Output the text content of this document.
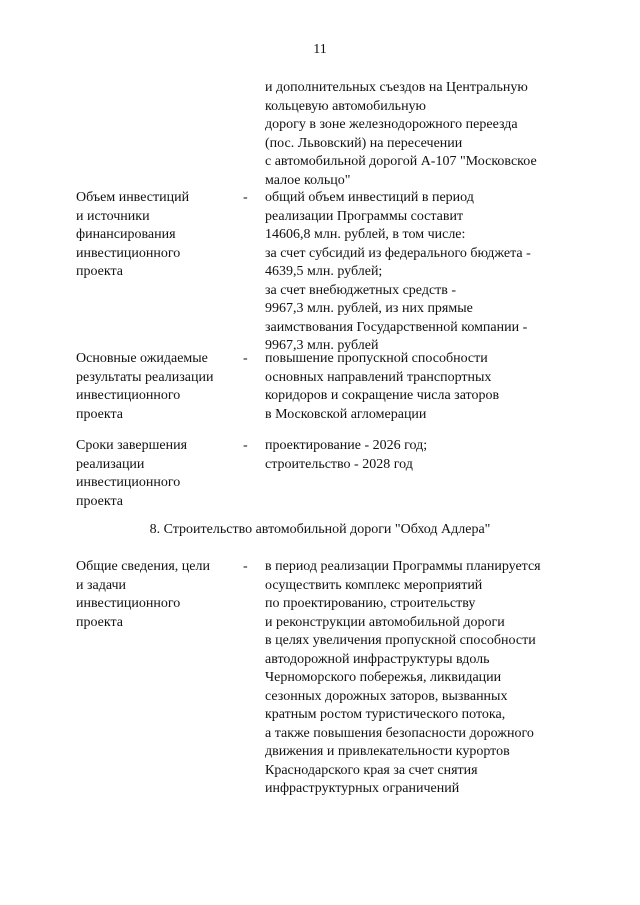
11
и дополнительных съездов на Центральную
кольцевую автомобильную
дорогу в зоне железнодорожного переезда
(пос. Львовский) на пересечении
с автомобильной дорогой А-107 "Московское
малое кольцо"
Объем инвестиций
и источники
финансирования
инвестиционного
проекта
-	общий объем инвестиций в период
реализации Программы составит
14606,8 млн. рублей, в том числе:
за счет субсидий из федерального бюджета -
4639,5 млн. рублей;
за счет внебюджетных средств -
9967,3 млн. рублей, из них прямые
заимствования Государственной компании -
9967,3 млн. рублей
Основные ожидаемые
результаты реализации
инвестиционного
проекта
-	повышение пропускной способности
основных направлений транспортных
коридоров и сокращение числа заторов
в Московской агломерации
Сроки завершения
реализации
инвестиционного
проекта
-	проектирование - 2026 год;
строительство - 2028 год
8. Строительство автомобильной дороги "Обход Адлера"
Общие сведения, цели
и задачи
инвестиционного
проекта
-	в период реализации Программы планируется
осуществить комплекс мероприятий
по проектированию, строительству
и реконструкции автомобильной дороги
в целях увеличения пропускной способности
автодорожной инфраструктуры вдоль
Черноморского побережья, ликвидации
сезонных дорожных заторов, вызванных
кратным ростом туристического потока,
а также повышения безопасности дорожного
движения и привлекательности курортов
Краснодарского края за счет снятия
инфраструктурных ограничений
